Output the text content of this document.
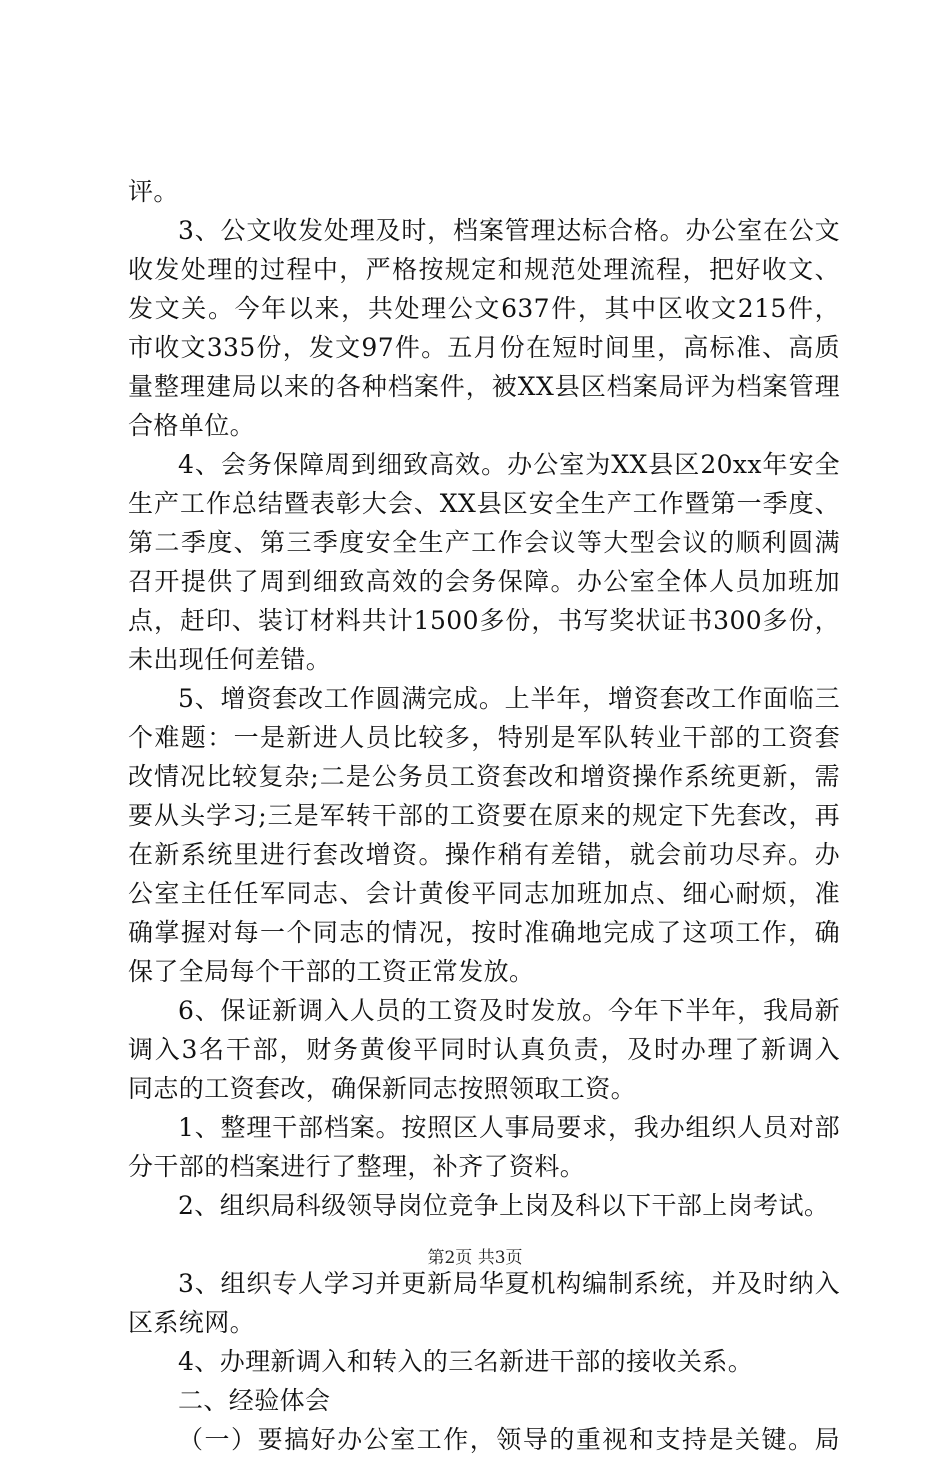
评。
3、公文收发处理及时，档案管理达标合格。办公室在公文
收发处理的过程中，严格按规定和规范处理流程，把好收文、
发文关。今年以来，共处理公文637件，其中区收文215件，
市收文335份，发文97件。五月份在短时间里，高标准、高质
量整理建局以来的各种档案件，被XX县区档案局评为档案管理
合格单位。
4、会务保障周到细致高效。办公室为XX县区20xx年安全
生产工作总结暨表彰大会、XX县区安全生产工作暨第一季度、
第二季度、第三季度安全生产工作会议等大型会议的顺利圆满
召开提供了周到细致高效的会务保障。办公室全体人员加班加
点，赶印、装订材料共计1500多份，书写奖状证书300多份，
未出现任何差错。
5、增资套改工作圆满完成。上半年，增资套改工作面临三
个难题：一是新进人员比较多，特别是军队转业干部的工资套
改情况比较复杂;二是公务员工资套改和增资操作系统更新，需
要从头学习;三是军转干部的工资要在原来的规定下先套改，再
在新系统里进行套改增资。操作稍有差错，就会前功尽弃。办
公室主任任军同志、会计黄俊平同志加班加点、细心耐烦，准
确掌握对每一个同志的情况，按时准确地完成了这项工作，确
保了全局每个干部的工资正常发放。
6、保证新调入人员的工资及时发放。今年下半年，我局新
调入3名干部，财务黄俊平同时认真负责，及时办理了新调入
同志的工资套改，确保新同志按照领取工资。
1、整理干部档案。按照区人事局要求，我办组织人员对部
分干部的档案进行了整理，补齐了资料。
2、组织局科级领导岗位竞争上岗及科以下干部上岗考试。
3、组织专人学习并更新局华夏机构编制系统，并及时纳入
区系统网。
4、办理新调入和转入的三名新进干部的接收关系。
二、经验体会
（一）要搞好办公室工作，领导的重视和支持是关键。局
第2页 共3页
